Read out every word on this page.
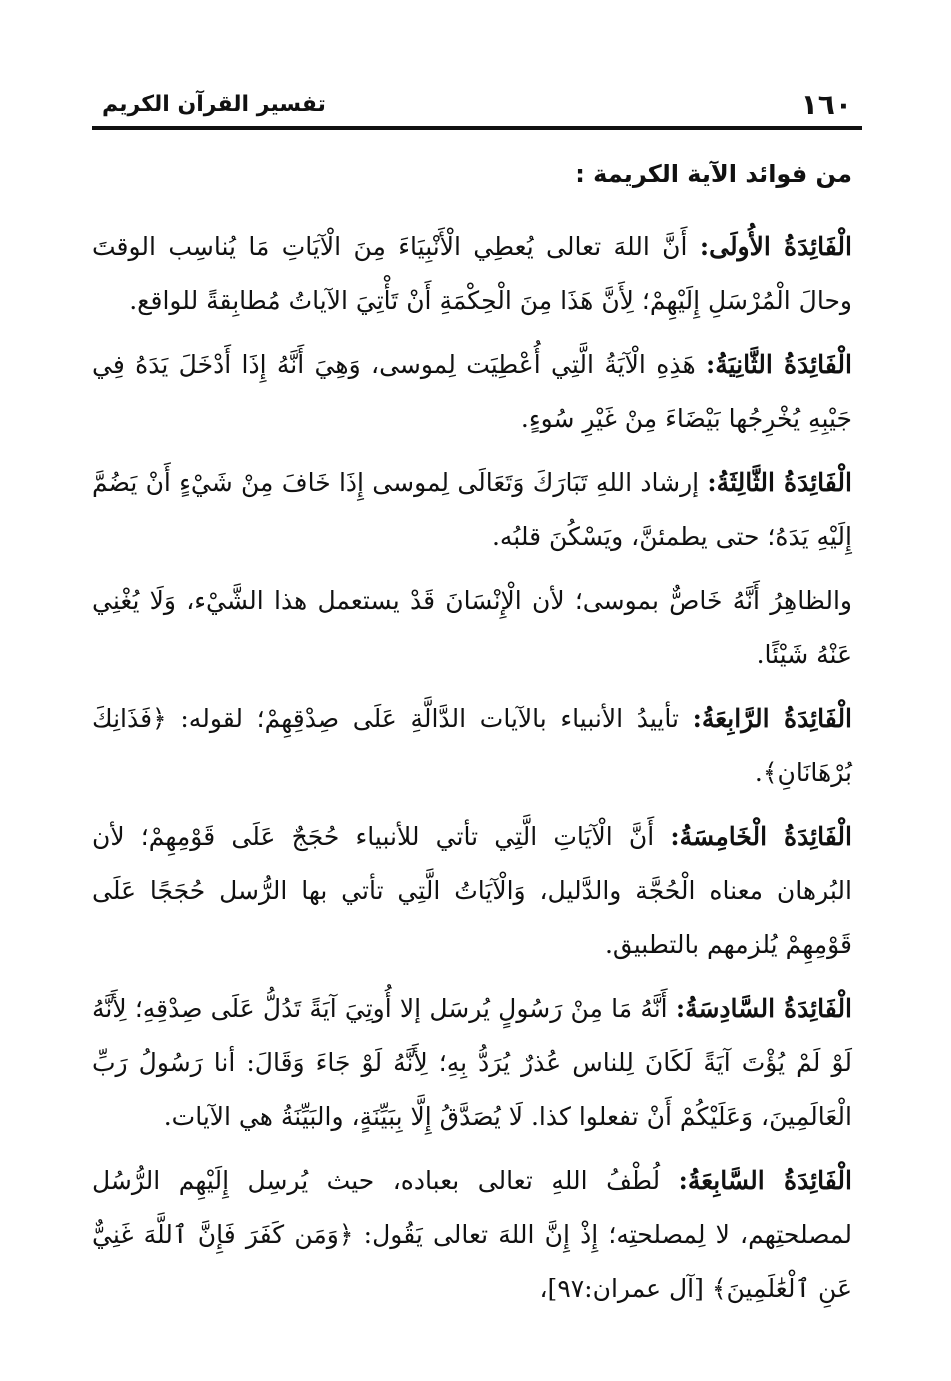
١٦٠
تفسير القرآن الكريم
من فوائد الآية الكريمة :

الْفَائِدَةُ الأُولَى: أَنَّ اللهَ تعالى يُعطِي الْأَنْبِيَاءَ مِنَ الْآيَاتِ مَا يُناسِب الوقتَ وحالَ الْمُرْسَلِ إِلَيْهِمْ؛ لِأَنَّ هَذَا مِنَ الْحِكْمَةِ أَنْ تَأْتِيَ الآياتُ مُطابِقةً للواقع.

الْفَائِدَةُ الثَّانِيَةُ: هَذِهِ الْآيَةُ الَّتِي أُعْطِيَت لِموسى، وَهِيَ أَنَّهُ إِذَا أَدْخَلَ يَدَهُ فِي جَيْبِهِ يُخْرِجُها بَيْضَاءَ مِنْ غَيْرِ سُوءٍ.

الْفَائِدَةُ الثَّالِثَةُ: إرشاد اللهِ تَبَارَكَ وَتَعَالَى لِموسى إِذَا خَافَ مِنْ شَيْءٍ أَنْ يَضُمَّ إِلَيْهِ يَدَهُ؛ حتى يطمئنَّ، ويَسْكُنَ قلبُه.

والظاهِرُ أَنَّهُ خَاصٌّ بموسى؛ لأن الْإِنْسَانَ قَدْ يستعمل هذا الشَّيْء، وَلَا يُغْنِي عَنْهُ شَيْئًا.

الْفَائِدَةُ الرَّابِعَةُ: تأييدُ الأنبياء بالآيات الدَّالَّةِ عَلَى صِدْقِهِمْ؛ لقوله: ﴿فَذَانِكَ بُرْهَانَانِ﴾.

الْفَائِدَةُ الْخَامِسَةُ: أَنَّ الْآيَاتِ الَّتِي تأتي للأنبياء حُجَجٌ عَلَى قَوْمِهِمْ؛ لأن البُرهان معناه الْحُجَّة والدَّليل، وَالْآيَاتُ الَّتِي تأتي بها الرُّسل حُجَجًا عَلَى قَوْمِهِمْ يُلزمهم بالتطبيق.

الْفَائِدَةُ السَّادِسَةُ: أَنَّهُ مَا مِنْ رَسُولٍ يُرسَل إلا أُوتِيَ آيَةً تَدُلُّ عَلَى صِدْقِهِ؛ لِأَنَّهُ لَوْ لَمْ يُؤْتَ آيَةً لَكَانَ لِلناس عُذرٌ يُرَدُّ بِهِ؛ لِأَنَّهُ لَوْ جَاءَ وَقَالَ: أنا رَسُولُ رَبِّ الْعَالَمِينَ، وَعَلَيْكُمْ أَنْ تفعلوا كذا. لَا يُصَدَّقُ إِلَّا بِبَيِّنَةٍ، والبَيِّنَةُ هي الآيات.

الْفَائِدَةُ السَّابِعَةُ: لُطْفُ اللهِ تعالى بعباده، حيث يُرسِل إِلَيْهِم الرُّسُل لمصلحتِهم، لا لِمصلحتِه؛ إِذْ إِنَّ اللهَ تعالى يَقُول: ﴿وَمَن كَفَرَ فَإِنَّ ٱللَّهَ غَنِيٌّ عَنِ ٱلْعَٰلَمِينَ﴾ [آل عمران:٩٧]،
